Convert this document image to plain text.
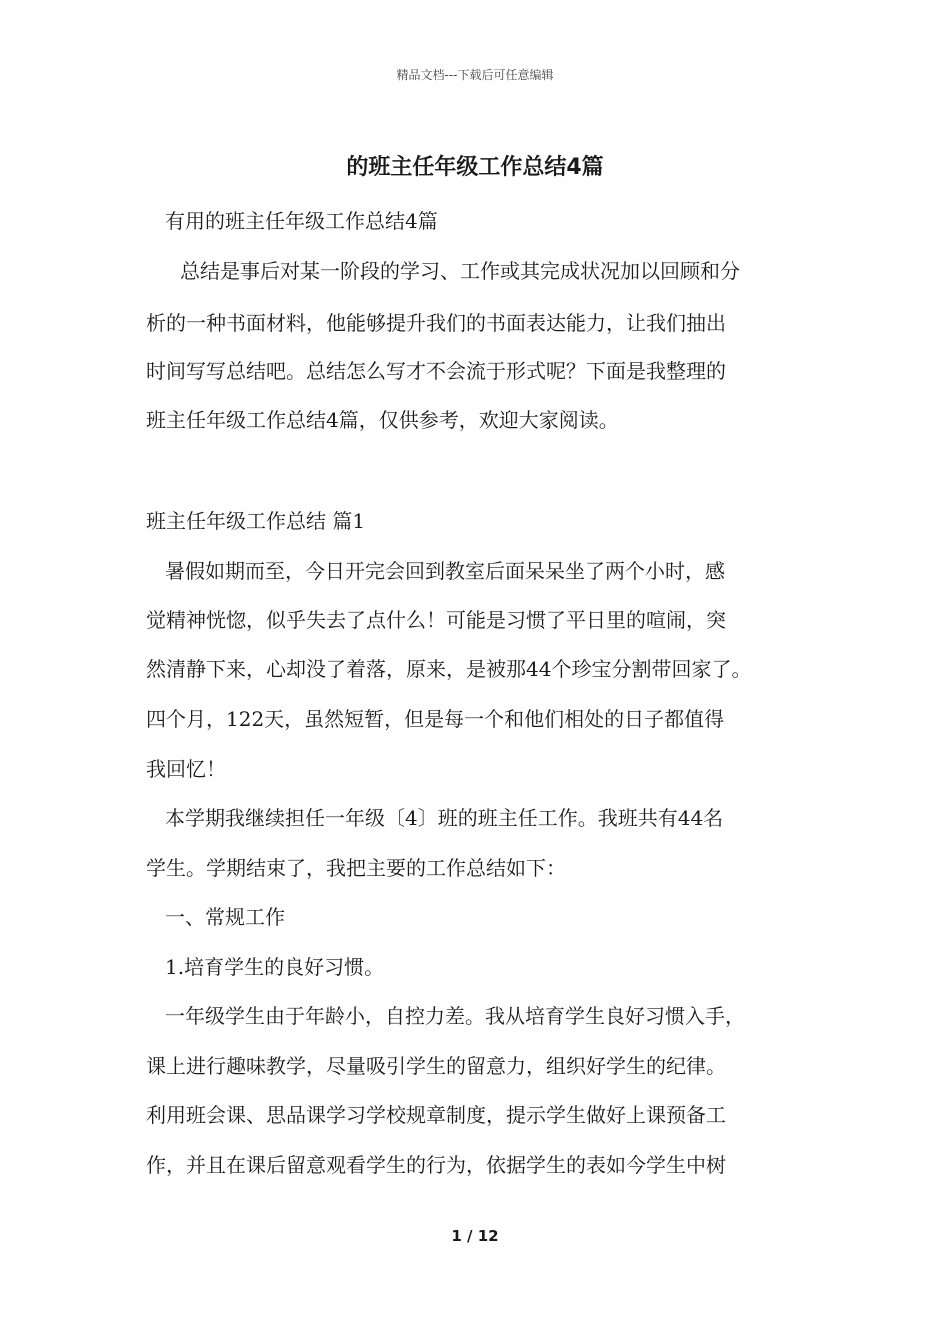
精品文档---下载后可任意编辑
的班主任年级工作总结4篇
有用的班主任年级工作总结4篇
总结是事后对某一阶段的学习、工作或其完成状况加以回顾和分
析的一种书面材料，他能够提升我们的书面表达能力，让我们抽出
时间写写总结吧。总结怎么写才不会流于形式呢？下面是我整理的
班主任年级工作总结4篇，仅供参考，欢迎大家阅读。
班主任年级工作总结 篇1
暑假如期而至，今日开完会回到教室后面呆呆坐了两个小时，感
觉精神恍惚，似乎失去了点什么！可能是习惯了平日里的喧闹，突
然清静下来，心却没了着落，原来，是被那44个珍宝分割带回家了。
四个月，122天，虽然短暂，但是每一个和他们相处的日子都值得
我回忆！
本学期我继续担任一年级〔4〕班的班主任工作。我班共有44名
学生。学期结束了，我把主要的工作总结如下：
一、常规工作
1.培育学生的良好习惯。
一年级学生由于年龄小，自控力差。我从培育学生良好习惯入手，
课上进行趣味教学，尽量吸引学生的留意力，组织好学生的纪律。
利用班会课、思品课学习学校规章制度，提示学生做好上课预备工
作，并且在课后留意观看学生的行为，依据学生的表如今学生中树
1 / 12
